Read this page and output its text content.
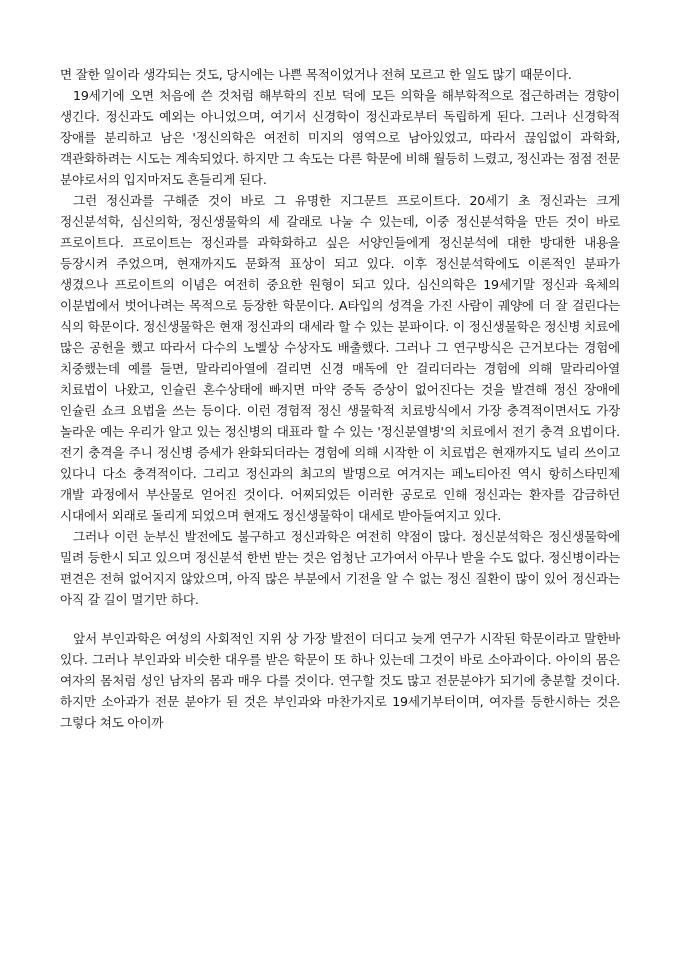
면 잘한 일이라 생각되는 것도, 당시에는 나쁜 목적이었거나 전혀 모르고 한 일도 많기 때문이다.

19세기에 오면 처음에 쓴 것처럼 해부학의 진보 덕에 모든 의학을 해부학적으로 접근하려는 경향이 생긴다. 정신과도 예외는 아니었으며, 여기서 신경학이 정신과로부터 독립하게 된다. 그러나 신경학적 장애를 분리하고 남은 '정신의학은 여전히 미지의 영역으로 남아있었고, 따라서 끊임없이 과학화, 객관화하려는 시도는 계속되었다. 하지만 그 속도는 다른 학문에 비해 월등히 느렸고, 정신과는 점점 전문 분야로서의 입지마저도 흔들리게 된다.

그런 정신과를 구해준 것이 바로 그 유명한 지그문트 프로이트다. 20세기 초 정신과는 크게 정신분석학, 심신의학, 정신생물학의 세 갈래로 나눌 수 있는데, 이중 정신분석학을 만든 것이 바로 프로이트다. 프로이트는 정신과를 과학화하고 싶은 서양인들에게 정신분석에 대한 방대한 내용을 등장시켜 주었으며, 현재까지도 문화적 표상이 되고 있다. 이후 정신분석학에도 이론적인 분파가 생겼으나 프로이트의 이념은 여전히 중요한 원형이 되고 있다. 심신의학은 19세기말 정신과 육체의 이분법에서 벗어나려는 목적으로 등장한 학문이다. A타입의 성격을 가진 사람이 궤양에 더 잘 걸린다는 식의 학문이다. 정신생물학은 현재 정신과의 대세라 할 수 있는 분파이다. 이 정신생물학은 정신병 치료에 많은 공헌을 했고 따라서 다수의 노벨상 수상자도 배출했다. 그러나 그 연구방식은 근거보다는 경험에 치중했는데 예를 들면, 말라리아열에 걸리면 신경 매독에 안 걸리더라는 경험에 의해 말라리아열 치료법이 나왔고, 인슐린 혼수상태에 빠지면 마약 중독 증상이 없어진다는 것을 발견해 정신 장애에 인슐린 쇼크 요법을 쓰는 등이다. 이런 경험적 정신 생물학적 치료방식에서 가장 충격적이면서도 가장 놀라운 예는 우리가 알고 있는 정신병의 대표라 할 수 있는 '정신분열병'의 치료에서 전기 충격 요법이다. 전기 충격을 주니 정신병 증세가 완화되더라는 경험에 의해 시작한 이 치료법은 현재까지도 널리 쓰이고 있다니 다소 충격적이다. 그리고 정신과의 최고의 발명으로 여겨지는 페노티아진 역시 항히스타민제 개발 과정에서 부산물로 얻어진 것이다. 어찌되었든 이러한 공로로 인해 정신과는 환자를 감금하던 시대에서 외래로 돌리게 되었으며 현재도 정신생물학이 대세로 받아들여지고 있다.

그러나 이런 눈부신 발전에도 불구하고 정신과학은 여전히 약점이 많다. 정신분석학은 정신생물학에 밀려 등한시 되고 있으며 정신분석 한번 받는 것은 엄청난 고가여서 아무나 받을 수도 없다. 정신병이라는 편견은 전혀 없어지지 않았으며, 아직 많은 부분에서 기전을 알 수 없는 정신 질환이 많이 있어 정신과는 아직 갈 길이 멀기만 하다.

앞서 부인과학은 여성의 사회적인 지위 상 가장 발전이 더디고 늦게 연구가 시작된 학문이라고 말한바 있다. 그러나 부인과와 비슷한 대우를 받은 학문이 또 하나 있는데 그것이 바로 소아과이다. 아이의 몸은 여자의 몸처럼 성인 남자의 몸과 매우 다를 것이다. 연구할 것도 많고 전문분야가 되기에 충분할 것이다. 하지만 소아과가 전문 분야가 된 것은 부인과와 마찬가지로 19세기부터이며, 여자를 등한시하는 것은 그렇다 쳐도 아이까
